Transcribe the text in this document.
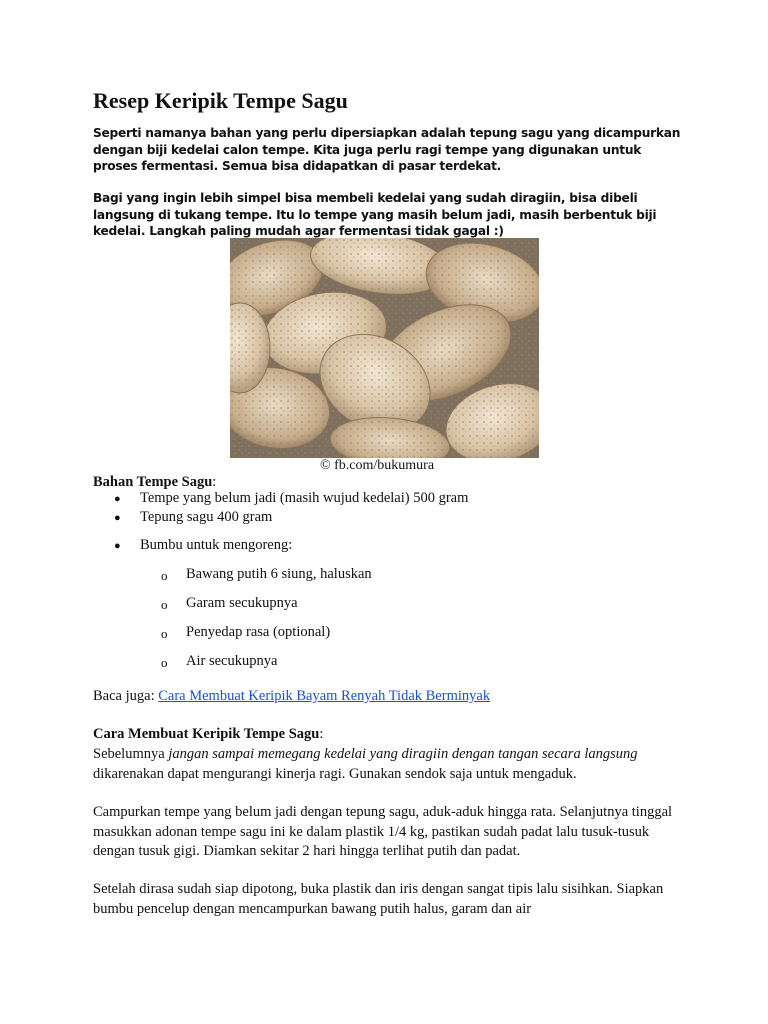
Resep Keripik Tempe Sagu
Seperti namanya bahan yang perlu dipersiapkan adalah tepung sagu yang dicampurkan dengan biji kedelai calon tempe. Kita juga perlu ragi tempe yang digunakan untuk proses fermentasi. Semua bisa didapatkan di pasar terdekat.
Bagi yang ingin lebih simpel bisa membeli kedelai yang sudah diragiin, bisa dibeli langsung di tukang tempe. Itu lo tempe yang masih belum jadi, masih berbentuk biji kedelai. Langkah paling mudah agar fermentasi tidak gagal :)
© fb.com/bukumura
Bahan Tempe Sagu:
● Tempe yang belum jadi (masih wujud kedelai) 500 gram
● Tepung sagu 400 gram
● Bumbu untuk mengoreng:
o Bawang putih 6 siung, haluskan
o Garam secukupnya
o Penyedap rasa (optional)
o Air secukupnya
Baca juga: Cara Membuat Keripik Bayam Renyah Tidak Berminyak
Cara Membuat Keripik Tempe Sagu:
Sebelumnya jangan sampai memegang kedelai yang diragiin dengan tangan secara langsung dikarenakan dapat mengurangi kinerja ragi. Gunakan sendok saja untuk mengaduk.
Campurkan tempe yang belum jadi dengan tepung sagu, aduk-aduk hingga rata. Selanjutnya tinggal masukkan adonan tempe sagu ini ke dalam plastik 1/4 kg, pastikan sudah padat lalu tusuk-tusuk dengan tusuk gigi. Diamkan sekitar 2 hari hingga terlihat putih dan padat.
Setelah dirasa sudah siap dipotong, buka plastik dan iris dengan sangat tipis lalu sisihkan. Siapkan bumbu pencelup dengan mencampurkan bawang putih halus, garam dan air
